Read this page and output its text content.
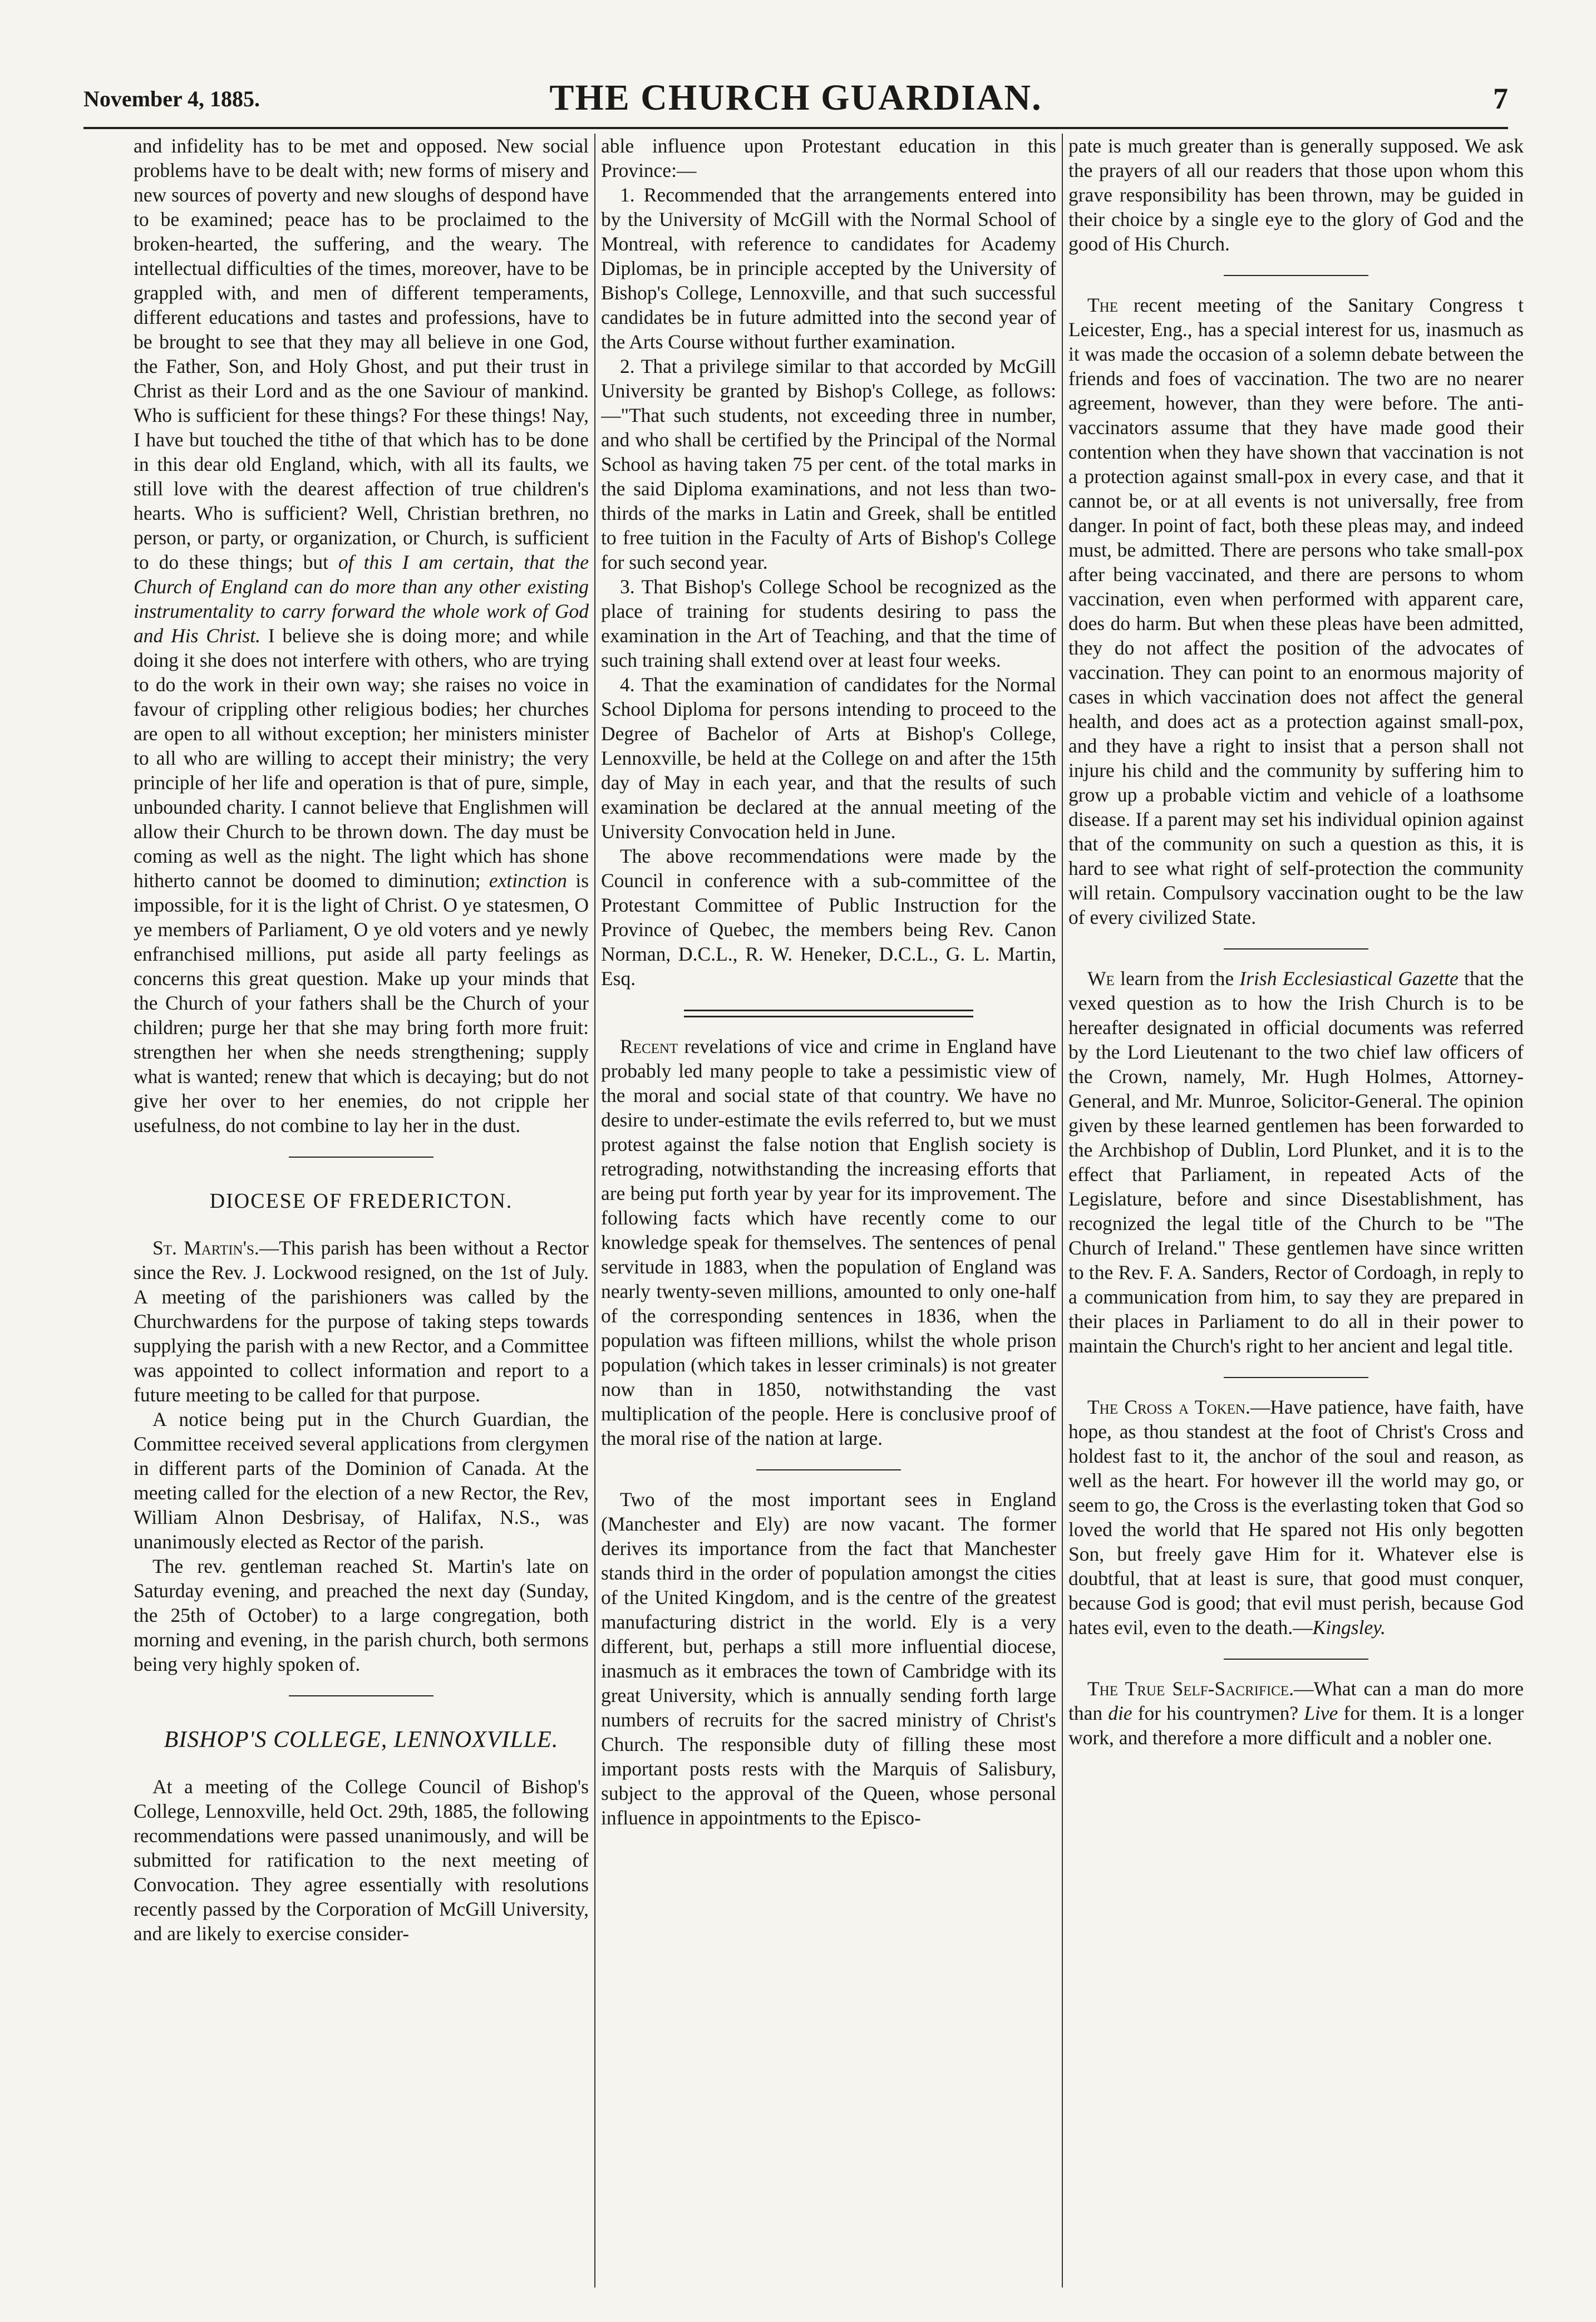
November 4, 1885.	THE CHURCH GUARDIAN.	7

and infidelity has to be met and opposed. New social problems have to be dealt with; new forms of misery and new sources of poverty and new sloughs of despond have to be examined; peace has to be proclaimed to the broken-hearted, the suffering, and the weary. The intellectual difficulties of the times, moreover, have to be grappled with, and men of different temperaments, different educations and tastes and professions, have to be brought to see that they may all believe in one God, the Father, Son, and Holy Ghost, and put their trust in Christ as their Lord and as the one Saviour of mankind. Who is sufficient for these things? For these things! Nay, I have but touched the tithe of that which has to be done in this dear old England, which, with all its faults, we still love with the dearest affection of true children's hearts. Who is sufficient? Well, Christian brethren, no person, or party, or organization, or Church, is sufficient to do these things; but of this I am certain, that the Church of England can do more than any other existing instrumentality to carry forward the whole work of God and His Christ. I believe she is doing more; and while doing it she does not interfere with others, who are trying to do the work in their own way; she raises no voice in favour of crippling other religious bodies; her churches are open to all without exception; her ministers minister to all who are willing to accept their ministry; the very principle of her life and operation is that of pure, simple, unbounded charity. I cannot believe that Englishmen will allow their Church to be thrown down. The day must be coming as well as the night. The light which has shone hitherto cannot be doomed to diminution; extinction is impossible, for it is the light of Christ. O ye statesmen, O ye members of Parliament, O ye old voters and ye newly enfranchised millions, put aside all party feelings as concerns this great question. Make up your minds that the Church of your fathers shall be the Church of your children; purge her that she may bring forth more fruit: strengthen her when she needs strengthening; supply what is wanted; renew that which is decaying; but do not give her over to her enemies, do not cripple her usefulness, do not combine to lay her in the dust.

DIOCESE OF FREDERICTON.

St. Martin's.—This parish has been without a Rector since the Rev. J. Lockwood resigned, on the 1st of July. A meeting of the parishioners was called by the Churchwardens for the purpose of taking steps towards supplying the parish with a new Rector, and a Committee was appointed to collect information and report to a future meeting to be called for that purpose.

A notice being put in the Church Guardian, the Committee received several applications from clergymen in different parts of the Dominion of Canada. At the meeting called for the election of a new Rector, the Rev, William Alnon Desbrisay, of Halifax, N.S., was unanimously elected as Rector of the parish.

The rev. gentleman reached St. Martin's late on Saturday evening, and preached the next day (Sunday, the 25th of October) to a large congregation, both morning and evening, in the parish church, both sermons being very highly spoken of.

BISHOP'S COLLEGE, LENNOXVILLE.

At a meeting of the College Council of Bishop's College, Lennoxville, held Oct. 29th, 1885, the following recommendations were passed unanimously, and will be submitted for ratification to the next meeting of Convocation. They agree essentially with resolutions recently passed by the Corporation of McGill University, and are likely to exercise consider-

able influence upon Protestant education in this Province:—

1. Recommended that the arrangements entered into by the University of McGill with the Normal School of Montreal, with reference to candidates for Academy Diplomas, be in principle accepted by the University of Bishop's College, Lennoxville, and that such successful candidates be in future admitted into the second year of the Arts Course without further examination.
2. That a privilege similar to that accorded by McGill University be granted by Bishop's College, as follows:—"That such students, not exceeding three in number, and who shall be certified by the Principal of the Normal School as having taken 75 per cent. of the total marks in the said Diploma examinations, and not less than two-thirds of the marks in Latin and Greek, shall be entitled to free tuition in the Faculty of Arts of Bishop's College for such second year.
3. That Bishop's College School be recognized as the place of training for students desiring to pass the examination in the Art of Teaching, and that the time of such training shall extend over at least four weeks.
4. That the examination of candidates for the Normal School Diploma for persons intending to proceed to the Degree of Bachelor of Arts at Bishop's College, Lennoxville, be held at the College on and after the 15th day of May in each year, and that the results of such examination be declared at the annual meeting of the University Convocation held in June.

The above recommendations were made by the Council in conference with a sub-committee of the Protestant Committee of Public Instruction for the Province of Quebec, the members being Rev. Canon Norman, D.C.L., R. W. Heneker, D.C.L., G. L. Martin, Esq.

Recent revelations of vice and crime in England have probably led many people to take a pessimistic view of the moral and social state of that country. We have no desire to under-estimate the evils referred to, but we must protest against the false notion that English society is retrograding, notwithstanding the increasing efforts that are being put forth year by year for its improvement. The following facts which have recently come to our knowledge speak for themselves. The sentences of penal servitude in 1883, when the population of England was nearly twenty-seven millions, amounted to only one-half of the corresponding sentences in 1836, when the population was fifteen millions, whilst the whole prison population (which takes in lesser criminals) is not greater now than in 1850, notwithstanding the vast multiplication of the people. Here is conclusive proof of the moral rise of the nation at large.

Two of the most important sees in England (Manchester and Ely) are now vacant. The former derives its importance from the fact that Manchester stands third in the order of population amongst the cities of the United Kingdom, and is the centre of the greatest manufacturing district in the world. Ely is a very different, but, perhaps a still more influential diocese, inasmuch as it embraces the town of Cambridge with its great University, which is annually sending forth large numbers of recruits for the sacred ministry of Christ's Church. The responsible duty of filling these most important posts rests with the Marquis of Salisbury, subject to the approval of the Queen, whose personal influence in appointments to the Episco-

pate is much greater than is generally supposed. We ask the prayers of all our readers that those upon whom this grave responsibility has been thrown, may be guided in their choice by a single eye to the glory of God and the good of His Church.

The recent meeting of the Sanitary Congress t Leicester, Eng., has a special interest for us, inasmuch as it was made the occasion of a solemn debate between the friends and foes of vaccination. The two are no nearer agreement, however, than they were before. The anti-vaccinators assume that they have made good their contention when they have shown that vaccination is not a protection against small-pox in every case, and that it cannot be, or at all events is not universally, free from danger. In point of fact, both these pleas may, and indeed must, be admitted. There are persons who take small-pox after being vaccinated, and there are persons to whom vaccination, even when performed with apparent care, does do harm. But when these pleas have been admitted, they do not affect the position of the advocates of vaccination. They can point to an enormous majority of cases in which vaccination does not affect the general health, and does act as a protection against small-pox, and they have a right to insist that a person shall not injure his child and the community by suffering him to grow up a probable victim and vehicle of a loathsome disease. If a parent may set his individual opinion against that of the community on such a question as this, it is hard to see what right of self-protection the community will retain. Compulsory vaccination ought to be the law of every civilized State.

We learn from the Irish Ecclesiastical Gazette that the vexed question as to how the Irish Church is to be hereafter designated in official documents was referred by the Lord Lieutenant to the two chief law officers of the Crown, namely, Mr. Hugh Holmes, Attorney-General, and Mr. Munroe, Solicitor-General. The opinion given by these learned gentlemen has been forwarded to the Archbishop of Dublin, Lord Plunket, and it is to the effect that Parliament, in repeated Acts of the Legislature, before and since Disestablishment, has recognized the legal title of the Church to be "The Church of Ireland." These gentlemen have since written to the Rev. F. A. Sanders, Rector of Cordoagh, in reply to a communication from him, to say they are prepared in their places in Parliament to do all in their power to maintain the Church's right to her ancient and legal title.

The Cross a Token.—Have patience, have faith, have hope, as thou standest at the foot of Christ's Cross and holdest fast to it, the anchor of the soul and reason, as well as the heart. For however ill the world may go, or seem to go, the Cross is the everlasting token that God so loved the world that He spared not His only begotten Son, but freely gave Him for it. Whatever else is doubtful, that at least is sure, that good must conquer, because God is good; that evil must perish, because God hates evil, even to the death.—Kingsley.

The True Self-Sacrifice.—What can a man do more than die for his countrymen? Live for them. It is a longer work, and therefore a more difficult and a nobler one.
